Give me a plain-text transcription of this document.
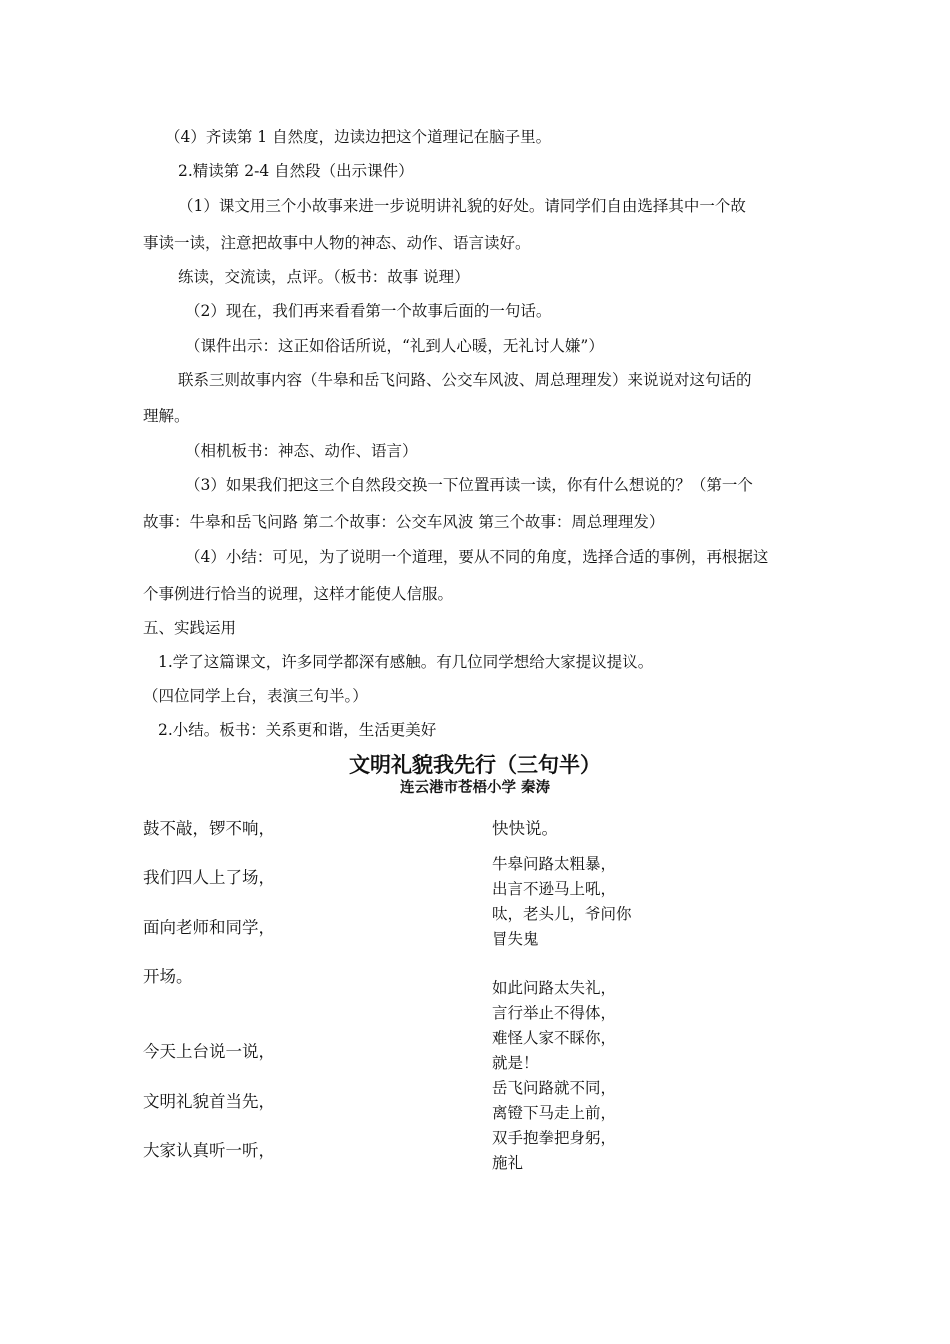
（4）齐读第 1 自然度，边读边把这个道理记在脑子里。
2.精读第 2-4 自然段（出示课件）
（1）课文用三个小故事来进一步说明讲礼貌的好处。请同学们自由选择其中一个故
事读一读，注意把故事中人物的神态、动作、语言读好。
练读，交流读，点评。（板书：故事 说理）
（2）现在，我们再来看看第一个故事后面的一句话。
（课件出示：这正如俗话所说，“礼到人心暖，无礼讨人嫌”）
联系三则故事内容（牛皋和岳飞问路、公交车风波、周总理理发）来说说对这句话的
理解。
（相机板书：神态、动作、语言）
（3）如果我们把这三个自然段交换一下位置再读一读，你有什么想说的？（第一个
故事：牛皋和岳飞问路 第二个故事：公交车风波 第三个故事：周总理理发）
（4）小结：可见，为了说明一个道理，要从不同的角度，选择合适的事例，再根据这
个事例进行恰当的说理，这样才能使人信服。
五、实践运用
1.学了这篇课文，许多同学都深有感触。有几位同学想给大家提议提议。
（四位同学上台，表演三句半。）
2.小结。板书：关系更和谐，生活更美好
文明礼貌我先行（三句半）
连云港市苍梧小学 秦涛
鼓不敲，锣不响，
我们四人上了场，
面向老师和同学，
开场。
今天上台说一说，
文明礼貌首当先，
大家认真听一听，
快快说。
牛皋问路太粗暴，
出言不逊马上吼，
呔，老头儿，爷问你
冒失鬼
如此问路太失礼，
言行举止不得体，
难怪人家不睬你，
就是！
岳飞问路就不同，
离镫下马走上前，
双手抱拳把身躬，
施礼
